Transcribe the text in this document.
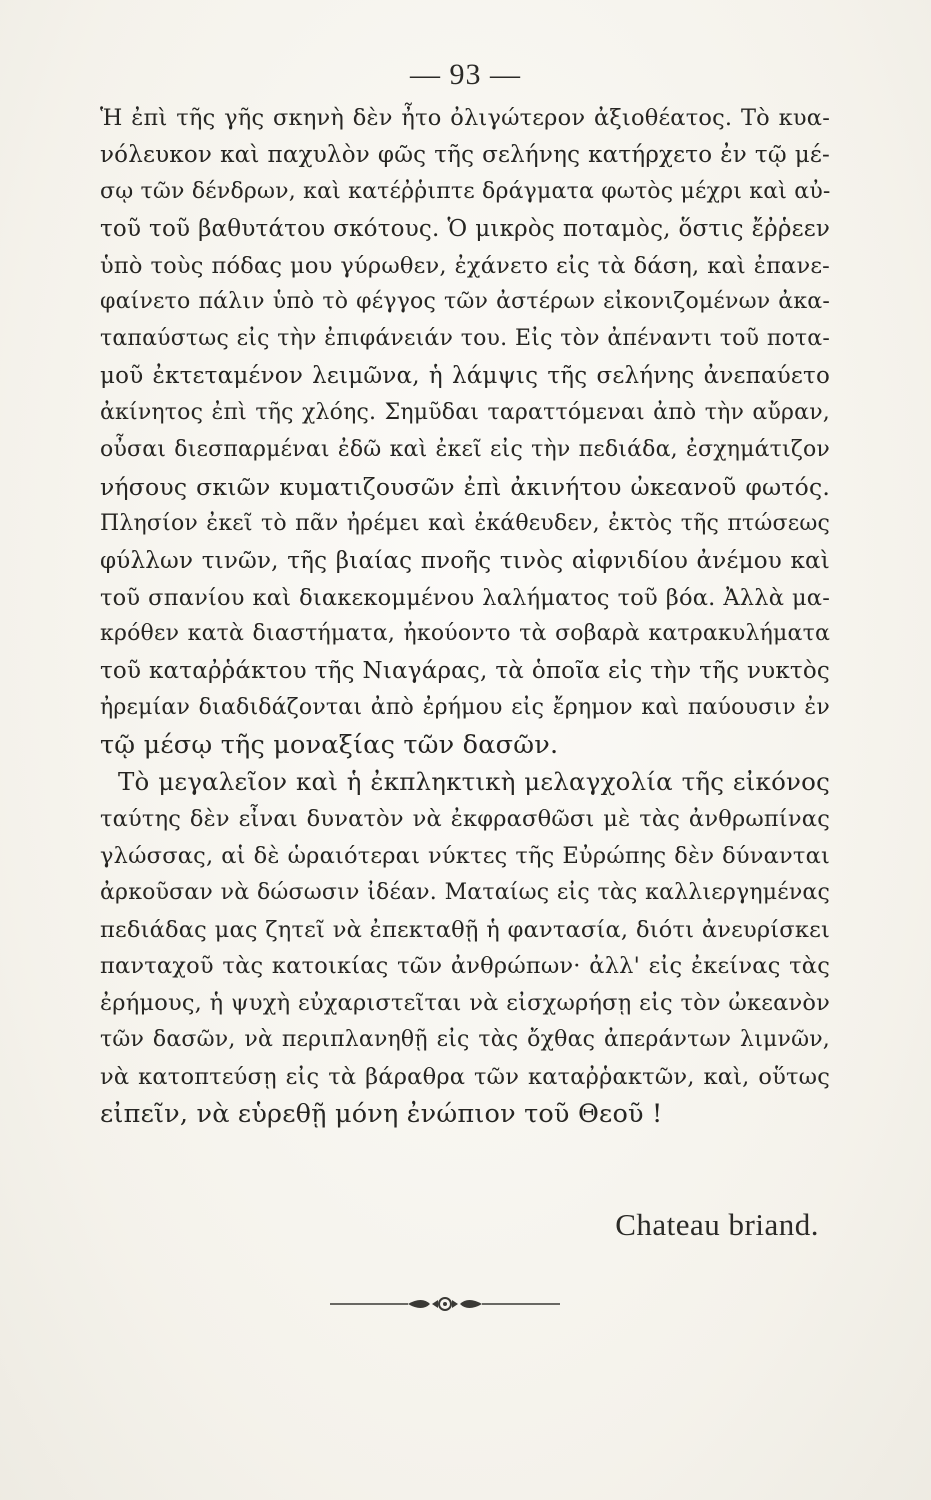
— 93 —
Ἡ ἐπὶ τῆς γῆς σκηνὴ δὲν ἦτο ὀλιγώτερον ἀξιοθέατος. Τὸ κυα-
νόλευκον καὶ παχυλὸν φῶς τῆς σελήνης κατήρχετο ἐν τῷ μέ-
σῳ τῶν δένδρων, καὶ κατέῤῥιπτε δράγματα φωτὸς μέχρι καὶ αὐ-
τοῦ τοῦ βαθυτάτου σκότους. Ὁ μικρὸς ποταμὸς, ὅστις ἔῤῥεεν
ὑπὸ τοὺς πόδας μου γύρωθεν, ἐχάνετο εἰς τὰ δάση, καὶ ἐπανε-
φαίνετο πάλιν ὑπὸ τὸ φέγγος τῶν ἀστέρων εἰκονιζομένων ἀκα-
ταπαύστως εἰς τὴν ἐπιφάνειάν του. Εἰς τὸν ἀπέναντι τοῦ ποτα-
μοῦ ἐκτεταμένον λειμῶνα, ἡ λάμψις τῆς σελήνης ἀνεπαύετο
ἀκίνητος ἐπὶ τῆς χλόης. Σημῦδαι ταραττόμεναι ἀπὸ τὴν αὔραν,
οὖσαι διεσπαρμέναι ἐδῶ καὶ ἐκεῖ εἰς τὴν πεδιάδα, ἐσχημάτιζον
νήσους σκιῶν κυματιζουσῶν ἐπὶ ἀκινήτου ὠκεανοῦ φωτός.
Πλησίον ἐκεῖ τὸ πᾶν ἠρέμει καὶ ἐκάθευδεν, ἐκτὸς τῆς πτώσεως
φύλλων τινῶν, τῆς βιαίας πνοῆς τινὸς αἰφνιδίου ἀνέμου καὶ
τοῦ σπανίου καὶ διακεκομμένου λαλήματος τοῦ βόα. Ἀλλὰ μα-
κρόθεν κατὰ διαστήματα, ἠκούοντο τὰ σοβαρὰ κατρακυλήματα
τοῦ καταῤῥάκτου τῆς Νιαγάρας, τὰ ὁποῖα εἰς τὴν τῆς νυκτὸς
ἠρεμίαν διαδιδάζονται ἀπὸ ἐρήμου εἰς ἔρημον καὶ παύουσιν ἐν
τῷ μέσῳ τῆς μοναξίας τῶν δασῶν.
Τὸ μεγαλεῖον καὶ ἡ ἐκπληκτικὴ μελαγχολία τῆς εἰκόνος
ταύτης δὲν εἶναι δυνατὸν νὰ ἐκφρασθῶσι μὲ τὰς ἀνθρωπίνας
γλώσσας, αἱ δὲ ὡραιότεραι νύκτες τῆς Εὐρώπης δὲν δύνανται
ἀρκοῦσαν νὰ δώσωσιν ἰδέαν. Ματαίως εἰς τὰς καλλιεργημένας
πεδιάδας μας ζητεῖ νὰ ἐπεκταθῇ ἡ φαντασία, διότι ἀνευρίσκει
πανταχοῦ τὰς κατοικίας τῶν ἀνθρώπων· ἀλλ' εἰς ἐκείνας τὰς
ἐρήμους, ἡ ψυχὴ εὐχαριστεῖται νὰ εἰσχωρήσῃ εἰς τὸν ὠκεανὸν
τῶν δασῶν, νὰ περιπλανηθῇ εἰς τὰς ὄχθας ἀπεράντων λιμνῶν,
νὰ κατοπτεύσῃ εἰς τὰ βάραθρα τῶν καταῤῥακτῶν, καὶ, οὕτως
εἰπεῖν, νὰ εὑρεθῇ μόνη ἐνώπιον τοῦ Θεοῦ !
Chateau briand.
